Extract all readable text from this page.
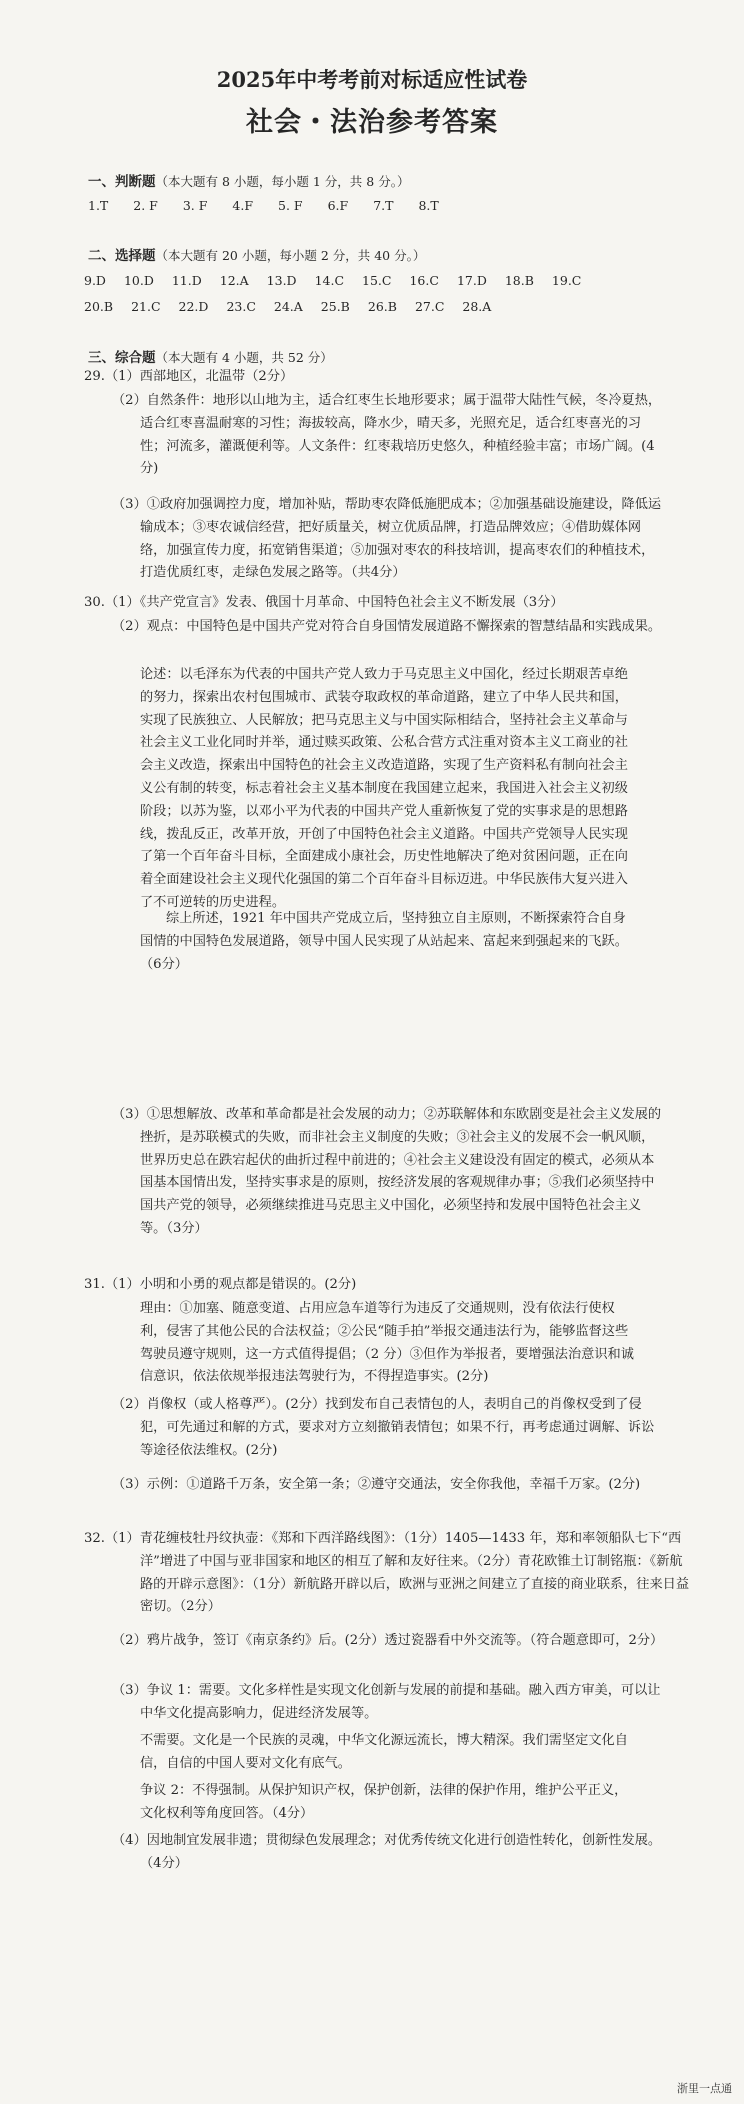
2025年中考考前对标适应性试卷
社会・法治参考答案
一、判断题（本大题有 8 小题，每小题 1 分，共 8 分。）
1.T 2. F 3. F 4.F 5. F 6.F 7.T 8.T
二、选择题（本大题有 20 小题，每小题 2 分，共 40 分。）
9.D 10.D 11.D 12.A 13.D 14.C 15.C 16.C 17.D 18.B 19.C
20.B 21.C 22.D 23.C 24.A 25.B 26.B 27.C 28.A
三、综合题（本大题有 4 小题，共 52 分）
29.（1）西部地区，北温带（2分）
（2）自然条件：地形以山地为主，适合红枣生长地形要求；属于温带大陆性气候，冬冷夏热，适合红枣喜温耐寒的习性；海拔较高，降水少，晴天多，光照充足，适合红枣喜光的习性；河流多，灌溉便利等。人文条件：红枣栽培历史悠久，种植经验丰富；市场广阔。(4分)
（3）①政府加强调控力度，增加补贴，帮助枣农降低施肥成本；②加强基础设施建设，降低运输成本；③枣农诚信经营，把好质量关，树立优质品牌，打造品牌效应；④借助媒体网络，加强宣传力度，拓宽销售渠道；⑤加强对枣农的科技培训，提高枣农们的种植技术，打造优质红枣，走绿色发展之路等。（共4分）
30.（1）《共产党宣言》发表、俄国十月革命、中国特色社会主义不断发展（3分）
（2）观点：中国特色是中国共产党对符合自身国情发展道路不懈探索的智慧结晶和实践成果。
论述：以毛泽东为代表的中国共产党人致力于马克思主义中国化，经过长期艰苦卓绝的努力，探索出农村包围城市、武装夺取政权的革命道路，建立了中华人民共和国，实现了民族独立、人民解放；把马克思主义与中国实际相结合，坚持社会主义革命与社会主义工业化同时并举，通过赎买政策、公私合营方式注重对资本主义工商业的社会主义改造，探索出中国特色的社会主义改造道路，实现了生产资料私有制向社会主义公有制的转变，标志着社会主义基本制度在我国建立起来，我国进入社会主义初级阶段；以苏为鉴，以邓小平为代表的中国共产党人重新恢复了党的实事求是的思想路线，拨乱反正，改革开放，开创了中国特色社会主义道路。中国共产党领导人民实现了第一个百年奋斗目标，全面建成小康社会，历史性地解决了绝对贫困问题，正在向着全面建设社会主义现代化强国的第二个百年奋斗目标迈进。中华民族伟大复兴进入了不可逆转的历史进程。
综上所述，1921 年中国共产党成立后，坚持独立自主原则，不断探索符合自身国情的中国特色发展道路，领导中国人民实现了从站起来、富起来到强起来的飞跃。（6分）
（3）①思想解放、改革和革命都是社会发展的动力；②苏联解体和东欧剧变是社会主义发展的挫折，是苏联模式的失败，而非社会主义制度的失败；③社会主义的发展不会一帆风顺，世界历史总在跌宕起伏的曲折过程中前进的；④社会主义建设没有固定的模式，必须从本国基本国情出发，坚持实事求是的原则，按经济发展的客观规律办事；⑤我们必须坚持中国共产党的领导，必须继续推进马克思主义中国化，必须坚持和发展中国特色社会主义等。（3分）
31.（1）小明和小勇的观点都是错误的。(2分)
理由：①加塞、随意变道、占用应急车道等行为违反了交通规则，没有依法行使权利，侵害了其他公民的合法权益；②公民“随手拍”举报交通违法行为，能够监督这些驾驶员遵守规则，这一方式值得提倡；（2 分）③但作为举报者，要增强法治意识和诚信意识，依法依规举报违法驾驶行为，不得捏造事实。(2分)
（2）肖像权（或人格尊严）。(2分）找到发布自己表情包的人，表明自己的肖像权受到了侵犯，可先通过和解的方式，要求对方立刻撤销表情包；如果不行，再考虑通过调解、诉讼等途径依法维权。(2分)
（3）示例：①道路千万条，安全第一条；②遵守交通法，安全你我他，幸福千万家。(2分)
32.（1）青花缠枝牡丹纹执壶：《郑和下西洋路线图》：（1分）1405—1433 年，郑和率领船队七下“西洋”增进了中国与亚非国家和地区的相互了解和友好往来。（2分）青花欧锥土订制铭瓶：《新航路的开辟示意图》：（1分）新航路开辟以后，欧洲与亚洲之间建立了直接的商业联系，往来日益密切。（2分）
（2）鸦片战争，签订《南京条约》后。(2分）透过瓷器看中外交流等。（符合题意即可，2分）
（3）争议 1：需要。文化多样性是实现文化创新与发展的前提和基础。融入西方审美，可以让中华文化提高影响力，促进经济发展等。
不需要。文化是一个民族的灵魂，中华文化源远流长，博大精深。我们需坚定文化自信，自信的中国人要对文化有底气。
争议 2：不得强制。从保护知识产权，保护创新，法律的保护作用，维护公平正义，文化权利等角度回答。（4分）
（4）因地制宜发展非遗；贯彻绿色发展理念；对优秀传统文化进行创造性转化，创新性发展。（4分）
浙里一点通
